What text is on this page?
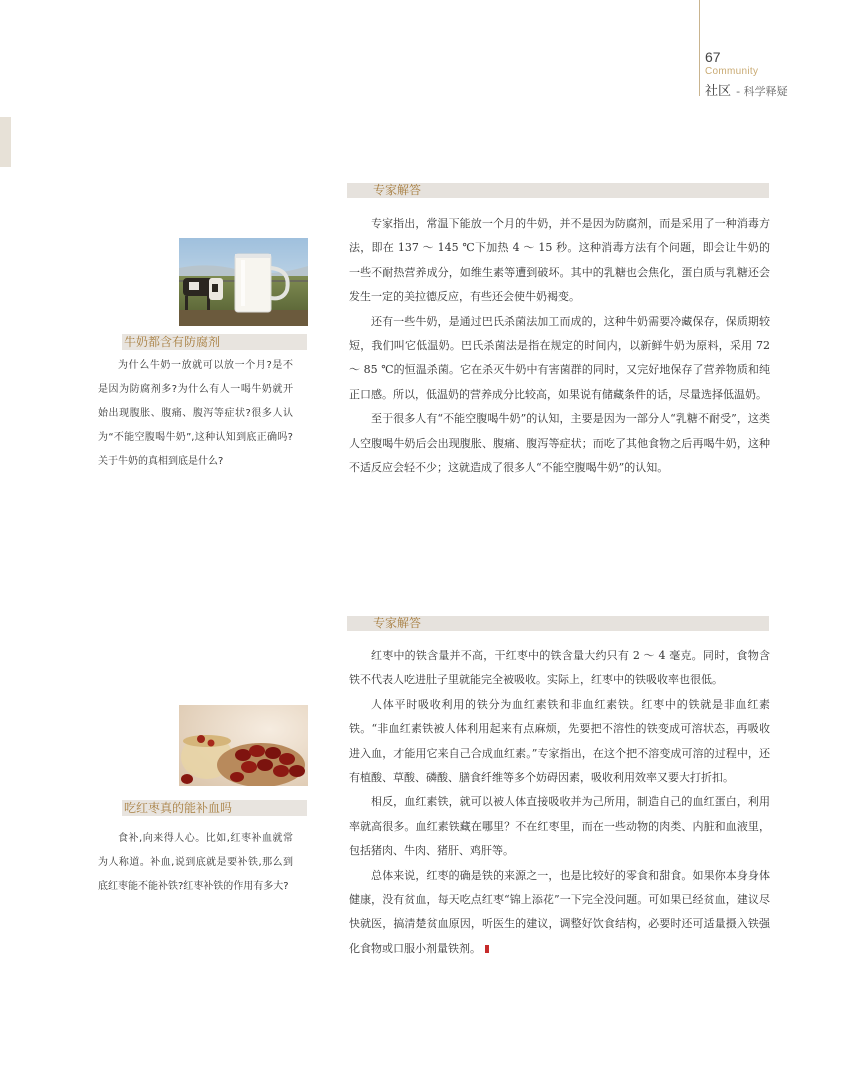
67
Community
社区 - 科学释疑
牛奶都含有防腐剂
为什么牛奶一放就可以放一个月?是不是因为防腐剂多?为什么有人一喝牛奶就开始出现腹胀、腹痛、腹泻等症状?很多人认为“不能空腹喝牛奶”,这种认知到底正确吗?关于牛奶的真相到底是什么?
专家解答

专家指出，常温下能放一个月的牛奶，并不是因为防腐剂，而是采用了一种消毒方法，即在 137 ～ 145 ℃下加热 4 ～ 15 秒。这种消毒方法有个问题，即会让牛奶的一些不耐热营养成分，如维生素等遭到破坏。其中的乳糖也会焦化，蛋白质与乳糖还会发生一定的美拉德反应，有些还会使牛奶褐变。

还有一些牛奶，是通过巴氏杀菌法加工而成的，这种牛奶需要冷藏保存，保质期较短，我们叫它低温奶。巴氏杀菌法是指在规定的时间内，以新鲜牛奶为原料，采用 72 ～ 85 ℃的恒温杀菌。它在杀灭牛奶中有害菌群的同时，又完好地保存了营养物质和纯正口感。所以，低温奶的营养成分比较高，如果说有储藏条件的话，尽量选择低温奶。

至于很多人有“不能空腹喝牛奶”的认知，主要是因为一部分人“乳糖不耐受”，这类人空腹喝牛奶后会出现腹胀、腹痛、腹泻等症状；而吃了其他食物之后再喝牛奶，这种不适反应会轻不少；这就造成了很多人“不能空腹喝牛奶”的认知。

吃红枣真的能补血吗
食补,向来得人心。比如,红枣补血就常为人称道。补血,说到底就是要补铁,那么到底红枣能不能补铁?红枣补铁的作用有多大?
专家解答

红枣中的铁含量并不高，干红枣中的铁含量大约只有 2 ～ 4 毫克。同时，食物含铁不代表人吃进肚子里就能完全被吸收。实际上，红枣中的铁吸收率也很低。

人体平时吸收利用的铁分为血红素铁和非血红素铁。红枣中的铁就是非血红素铁。“非血红素铁被人体利用起来有点麻烦，先要把不溶性的铁变成可溶状态，再吸收进入血，才能用它来自己合成血红素。”专家指出，在这个把不溶变成可溶的过程中，还有植酸、草酸、磷酸、膳食纤维等多个妨碍因素，吸收利用效率又要大打折扣。

相反，血红素铁，就可以被人体直接吸收并为己所用，制造自己的血红蛋白，利用率就高很多。血红素铁藏在哪里？不在红枣里，而在一些动物的肉类、内脏和血液里，包括猪肉、牛肉、猪肝、鸡肝等。

总体来说，红枣的确是铁的来源之一，也是比较好的零食和甜食。如果你本身身体健康，没有贫血，每天吃点红枣“锦上添花”一下完全没问题。可如果已经贫血，建议尽快就医，搞清楚贫血原因，听医生的建议，调整好饮食结构，必要时还可适量摄入铁强化食物或口服小剂量铁剂。
